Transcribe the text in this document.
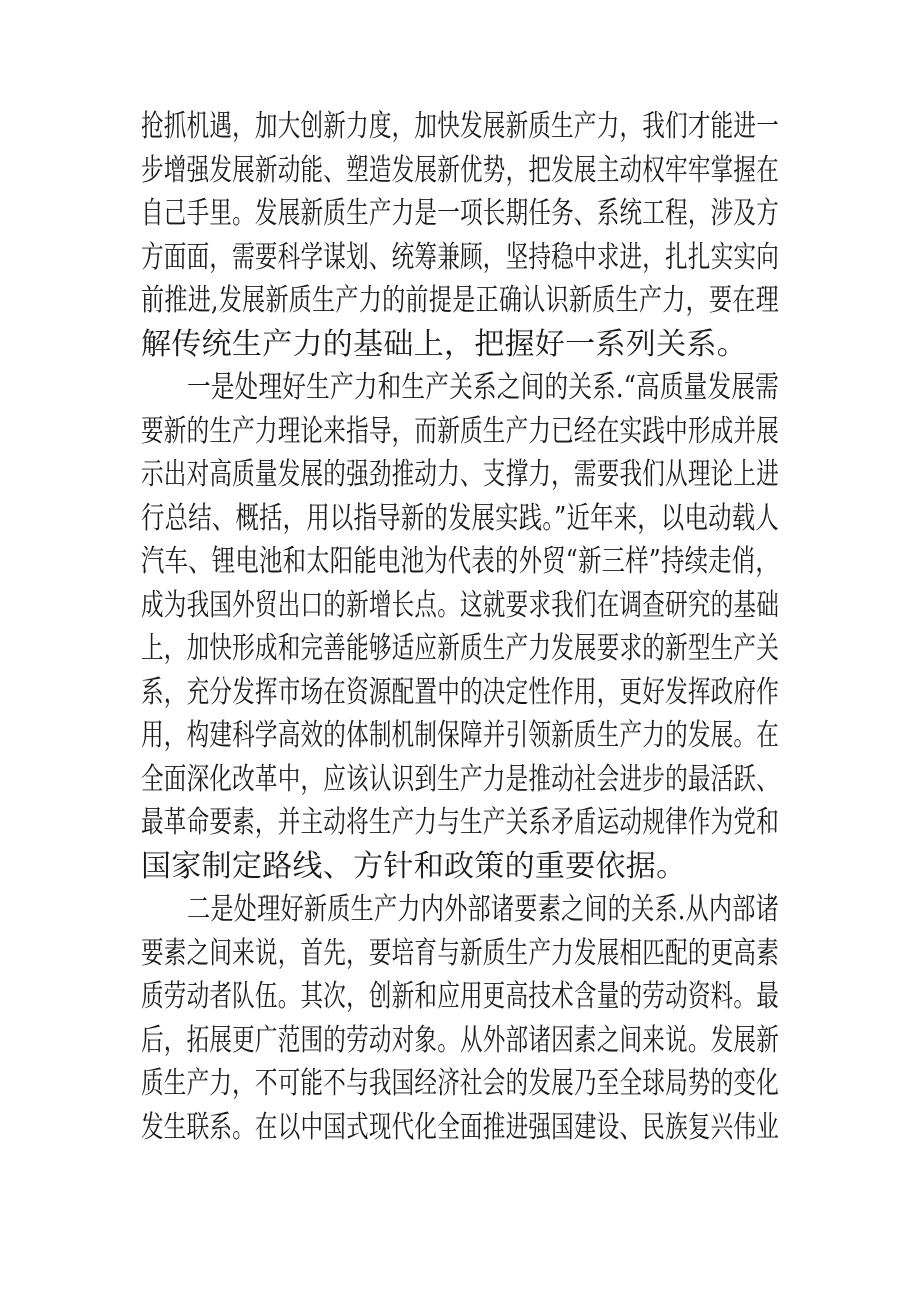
抢抓机遇，加大创新力度，加快发展新质生产力，我们才能进一
步增强发展新动能、塑造发展新优势，把发展主动权牢牢掌握在
自己手里。发展新质生产力是一项长期任务、系统工程，涉及方
方面面，需要科学谋划、统筹兼顾，坚持稳中求进，扎扎实实向
前推进,发展新质生产力的前提是正确认识新质生产力，要在理
解传统生产力的基础上，把握好一系列关系。
一是处理好生产力和生产关系之间的关系.“高质量发展需
要新的生产力理论来指导，而新质生产力已经在实践中形成并展
示出对高质量发展的强劲推动力、支撑力，需要我们从理论上进
行总结、概括，用以指导新的发展实践。”近年来，以电动载人
汽车、锂电池和太阳能电池为代表的外贸“新三样”持续走俏，
成为我国外贸出口的新增长点。这就要求我们在调查研究的基础
上，加快形成和完善能够适应新质生产力发展要求的新型生产关
系，充分发挥市场在资源配置中的决定性作用，更好发挥政府作
用，构建科学高效的体制机制保障并引领新质生产力的发展。在
全面深化改革中，应该认识到生产力是推动社会进步的最活跃、
最革命要素，并主动将生产力与生产关系矛盾运动规律作为党和
国家制定路线、方针和政策的重要依据。
二是处理好新质生产力内外部诸要素之间的关系.从内部诸
要素之间来说，首先，要培育与新质生产力发展相匹配的更高素
质劳动者队伍。其次，创新和应用更高技术含量的劳动资料。最
后，拓展更广范围的劳动对象。从外部诸因素之间来说。发展新
质生产力，不可能不与我国经济社会的发展乃至全球局势的变化
发生联系。在以中国式现代化全面推进强国建设、民族复兴伟业
